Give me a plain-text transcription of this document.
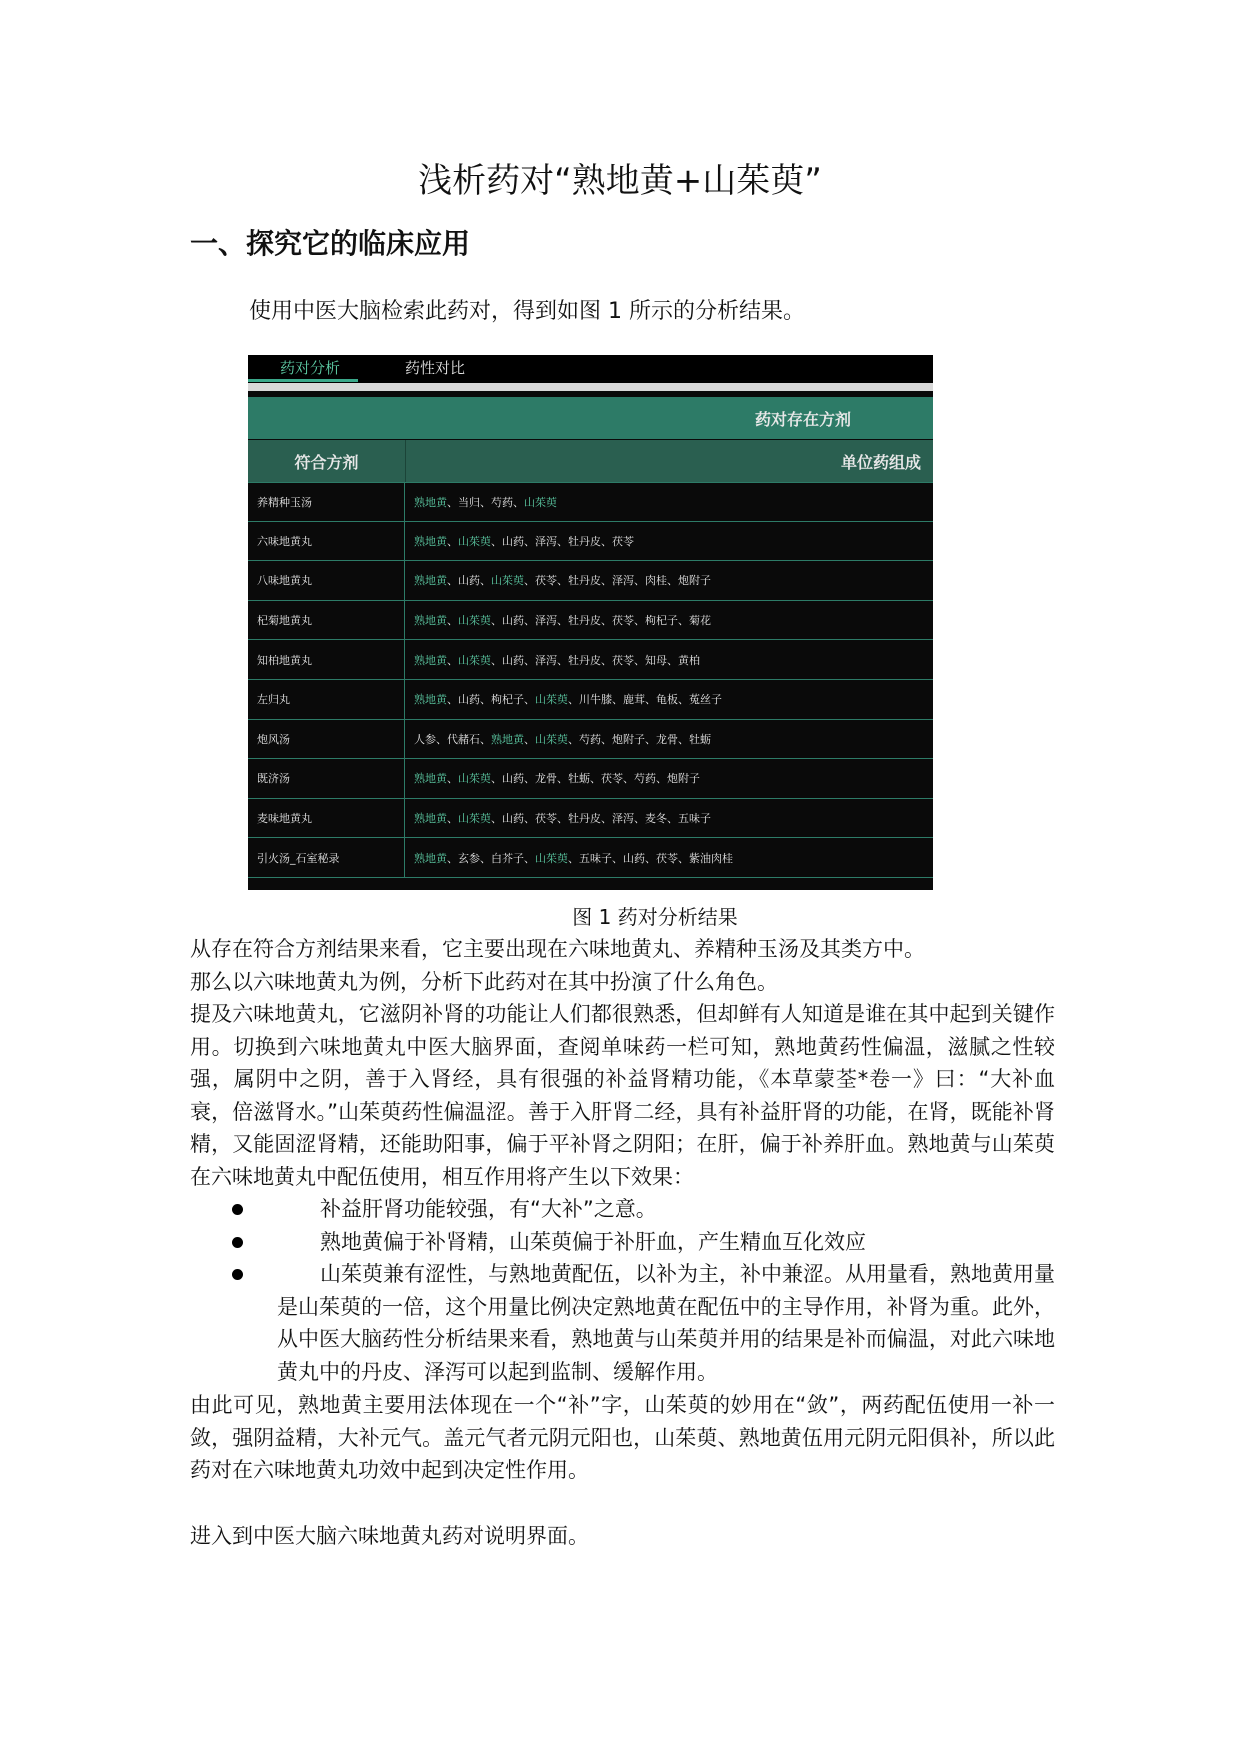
浅析药对“熟地黄+山茱萸”
一、探究它的临床应用
使用中医大脑检索此药对，得到如图 1 所示的分析结果。
药对分析	药性对比
药对存在方剂
符合方剂	单位药组成
养精种玉汤	熟地黄 、当归、芍药、 山茱萸
六味地黄丸	熟地黄 、 山茱萸 、山药、泽泻、牡丹皮、茯苓
八味地黄丸	熟地黄 、山药、 山茱萸 、茯苓、牡丹皮、泽泻、肉桂、炮附子
杞菊地黄丸	熟地黄 、 山茱萸 、山药、泽泻、牡丹皮、茯苓、枸杞子、菊花
知柏地黄丸	熟地黄 、 山茱萸 、山药、泽泻、牡丹皮、茯苓、知母、黄柏
左归丸	熟地黄 、山药、枸杞子、 山茱萸 、川牛膝、鹿茸、龟板、菟丝子
炮风汤	人参、代赭石、 熟地黄 、 山茱萸 、芍药、炮附子、龙骨、牡蛎
既济汤	熟地黄 、 山茱萸 、山药、龙骨、牡蛎、茯苓、芍药、炮附子
麦味地黄丸	熟地黄 、 山茱萸 、山药、茯苓、牡丹皮、泽泻、麦冬、五味子
引火汤_石室秘录	熟地黄 、玄参、白芥子、 山茱萸 、五味子、山药、茯苓、紫油肉桂
图 1 药对分析结果
从存在符合方剂结果来看，它主要出现在六味地黄丸、养精种玉汤及其类方中。
那么以六味地黄丸为例，分析下此药对在其中扮演了什么角色。
提及六味地黄丸，它滋阴补肾的功能让人们都很熟悉，但却鲜有人知道是谁在其中起到关键作用。切换到六味地黄丸中医大脑界面，查阅单味药一栏可知，熟地黄药性偏温，滋腻之性较强，属阴中之阴，善于入肾经，具有很强的补益肾精功能，《本草蒙荃*卷一》曰：“大补血衰，倍滋肾水。”山茱萸药性偏温涩。善于入肝肾二经，具有补益肝肾的功能，在肾，既能补肾精，又能固涩肾精，还能助阳事，偏于平补肾之阴阳；在肝，偏于补养肝血。熟地黄与山茱萸在六味地黄丸中配伍使用，相互作用将产生以下效果：
补益肝肾功能较强，有“大补”之意。
熟地黄偏于补肾精，山茱萸偏于补肝血，产生精血互化效应
山茱萸兼有涩性，与熟地黄配伍，以补为主，补中兼涩。从用量看，熟地黄用量是山茱萸的一倍，这个用量比例决定熟地黄在配伍中的主导作用，补肾为重。此外，从中医大脑药性分析结果来看，熟地黄与山茱萸并用的结果是补而偏温，对此六味地黄丸中的丹皮、泽泻可以起到监制、缓解作用。
由此可见，熟地黄主要用法体现在一个“补”字，山茱萸的妙用在“敛”，两药配伍使用一补一敛，强阴益精，大补元气。盖元气者元阴元阳也，山茱萸、熟地黄伍用元阴元阳俱补，所以此药对在六味地黄丸功效中起到决定性作用。
进入到中医大脑六味地黄丸药对说明界面。
